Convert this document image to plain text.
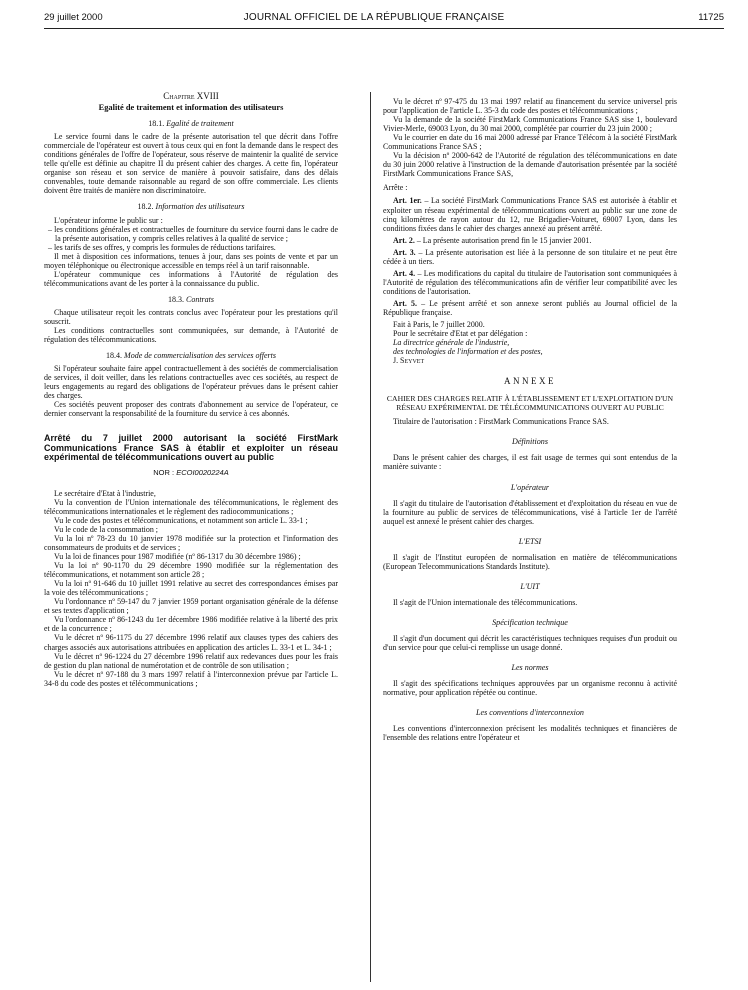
29 juillet 2000	JOURNAL OFFICIEL DE LA RÉPUBLIQUE FRANÇAISE	11725
Chapitre XVIII
Egalité de traitement et information des utilisateurs
18.1. Egalité de traitement

Le service fourni dans le cadre de la présente autorisation tel que décrit dans l'offre commerciale de l'opérateur est ouvert à tous ceux qui en font la demande dans le respect des conditions générales de l'offre de l'opérateur, sous réserve de maintenir la qualité de service telle qu'elle est définie au chapitre II du présent cahier des charges. A cette fin, l'opérateur organise son réseau et son service de manière à pouvoir satisfaire, dans des délais convenables, toute demande raisonnable au regard de son offre commerciale. Les clients doivent être traités de manière non discriminatoire.

18.2. Information des utilisateurs

L'opérateur informe le public sur :

– les conditions générales et contractuelles de fourniture du service fourni dans le cadre de la présente autorisation, y compris celles relatives à la qualité de service ;
– les tarifs de ses offres, y compris les formules de réductions tarifaires.

Il met à disposition ces informations, tenues à jour, dans ses points de vente et par un moyen téléphonique ou électronique accessible en temps réel à un tarif raisonnable.

L'opérateur communique ces informations à l'Autorité de régulation des télécommunications avant de les porter à la connaissance du public.

18.3. Contrats

Chaque utilisateur reçoit les contrats conclus avec l'opérateur pour les prestations qu'il souscrit.

Les conditions contractuelles sont communiquées, sur demande, à l'Autorité de régulation des télécommunications.

18.4. Mode de commercialisation des services offerts

Si l'opérateur souhaite faire appel contractuellement à des sociétés de commercialisation de services, il doit veiller, dans les relations contractuelles avec ces sociétés, au respect de leurs engagements au regard des obligations de l'opérateur prévues dans le présent cahier des charges.

Ces sociétés peuvent proposer des contrats d'abonnement au service de l'opérateur, ce dernier conservant la responsabilité de la fourniture du service à ces abonnés.

Arrêté du 7 juillet 2000 autorisant la société FirstMark Communications France SAS à établir et exploiter un réseau expérimental de télécommunications ouvert au public
NOR : ECOI0020224A

Le secrétaire d'Etat à l'industrie,

Vu la convention de l'Union internationale des télécommunications, le règlement des télécommunications internationales et le règlement des radiocommunications ;

Vu le code des postes et télécommunications, et notamment son article L. 33-1 ;

Vu le code de la consommation ;

Vu la loi nº 78-23 du 10 janvier 1978 modifiée sur la protection et l'information des consommateurs de produits et de services ;

Vu la loi de finances pour 1987 modifiée (nº 86-1317 du 30 décembre 1986) ;

Vu la loi nº 90-1170 du 29 décembre 1990 modifiée sur la réglementation des télécommunications, et notamment son article 28 ;

Vu la loi nº 91-646 du 10 juillet 1991 relative au secret des correspondances émises par la voie des télécommunications ;

Vu l'ordonnance nº 59-147 du 7 janvier 1959 portant organisation générale de la défense et ses textes d'application ;

Vu l'ordonnance nº 86-1243 du 1er décembre 1986 modifiée relative à la liberté des prix et de la concurrence ;

Vu le décret nº 96-1175 du 27 décembre 1996 relatif aux clauses types des cahiers des charges associés aux autorisations attribuées en application des articles L. 33-1 et L. 34-1 ;

Vu le décret nº 96-1224 du 27 décembre 1996 relatif aux redevances dues pour les frais de gestion du plan national de numérotation et de contrôle de son utilisation ;

Vu le décret nº 97-188 du 3 mars 1997 relatif à l'interconnexion prévue par l'article L. 34-8 du code des postes et télécommunications ;

Vu le décret nº 97-475 du 13 mai 1997 relatif au financement du service universel pris pour l'application de l'article L. 35-3 du code des postes et télécommunications ;

Vu la demande de la société FirstMark Communications France SAS sise 1, boulevard Vivier-Merle, 69003 Lyon, du 30 mai 2000, complétée par courrier du 23 juin 2000 ;

Vu le courrier en date du 16 mai 2000 adressé par France Télécom à la société FirstMark Communications France SAS ;

Vu la décision nº 2000-642 de l'Autorité de régulation des télécommunications en date du 30 juin 2000 relative à l'instruction de la demande d'autorisation présentée par la société FirstMark Communications France SAS,

Arrête :

Art. 1er. – La société FirstMark Communications France SAS est autorisée à établir et exploiter un réseau expérimental de télécommunications ouvert au public sur une zone de cinq kilomètres de rayon autour du 12, rue Brigadier-Voituret, 69007 Lyon, dans les conditions fixées dans le cahier des charges annexé au présent arrêté.

Art. 2. – La présente autorisation prend fin le 15 janvier 2001.

Art. 3. – La présente autorisation est liée à la personne de son titulaire et ne peut être cédée à un tiers.

Art. 4. – Les modifications du capital du titulaire de l'autorisation sont communiquées à l'Autorité de régulation des télécommunications afin de vérifier leur compatibilité avec les conditions de l'autorisation.

Art. 5. – Le présent arrêté et son annexe seront publiés au Journal officiel de la République française.

Fait à Paris, le 7 juillet 2000.

Pour le secrétaire d'Etat et par délégation :

La directrice générale de l'industrie,

des technologies de l'information et des postes,

J. Seyvet

ANNEXE
CAHIER DES CHARGES RELATIF À L'ÉTABLISSEMENT ET L'EXPLOITATION D'UN RÉSEAU EXPÉRIMENTAL DE TÉLÉCOMMUNICATIONS OUVERT AU PUBLIC

Titulaire de l'autorisation : FirstMark Communications France SAS.

Définitions

Dans le présent cahier des charges, il est fait usage de termes qui sont entendus de la manière suivante :

L'opérateur

Il s'agit du titulaire de l'autorisation d'établissement et d'exploitation du réseau en vue de la fourniture au public de services de télécommunications, visé à l'article 1er de l'arrêté auquel est annexé le présent cahier des charges.

L'ETSI

Il s'agit de l'Institut européen de normalisation en matière de télécommunications (European Telecommunications Standards Institute).

L'UIT

Il s'agit de l'Union internationale des télécommunications.

Spécification technique

Il s'agit d'un document qui décrit les caractéristiques techniques requises d'un produit ou d'un service pour que celui-ci remplisse un usage donné.

Les normes

Il s'agit des spécifications techniques approuvées par un organisme reconnu à activité normative, pour application répétée ou continue.

Les conventions d'interconnexion

Les conventions d'interconnexion précisent les modalités techniques et financières de l'ensemble des relations entre l'opérateur et
